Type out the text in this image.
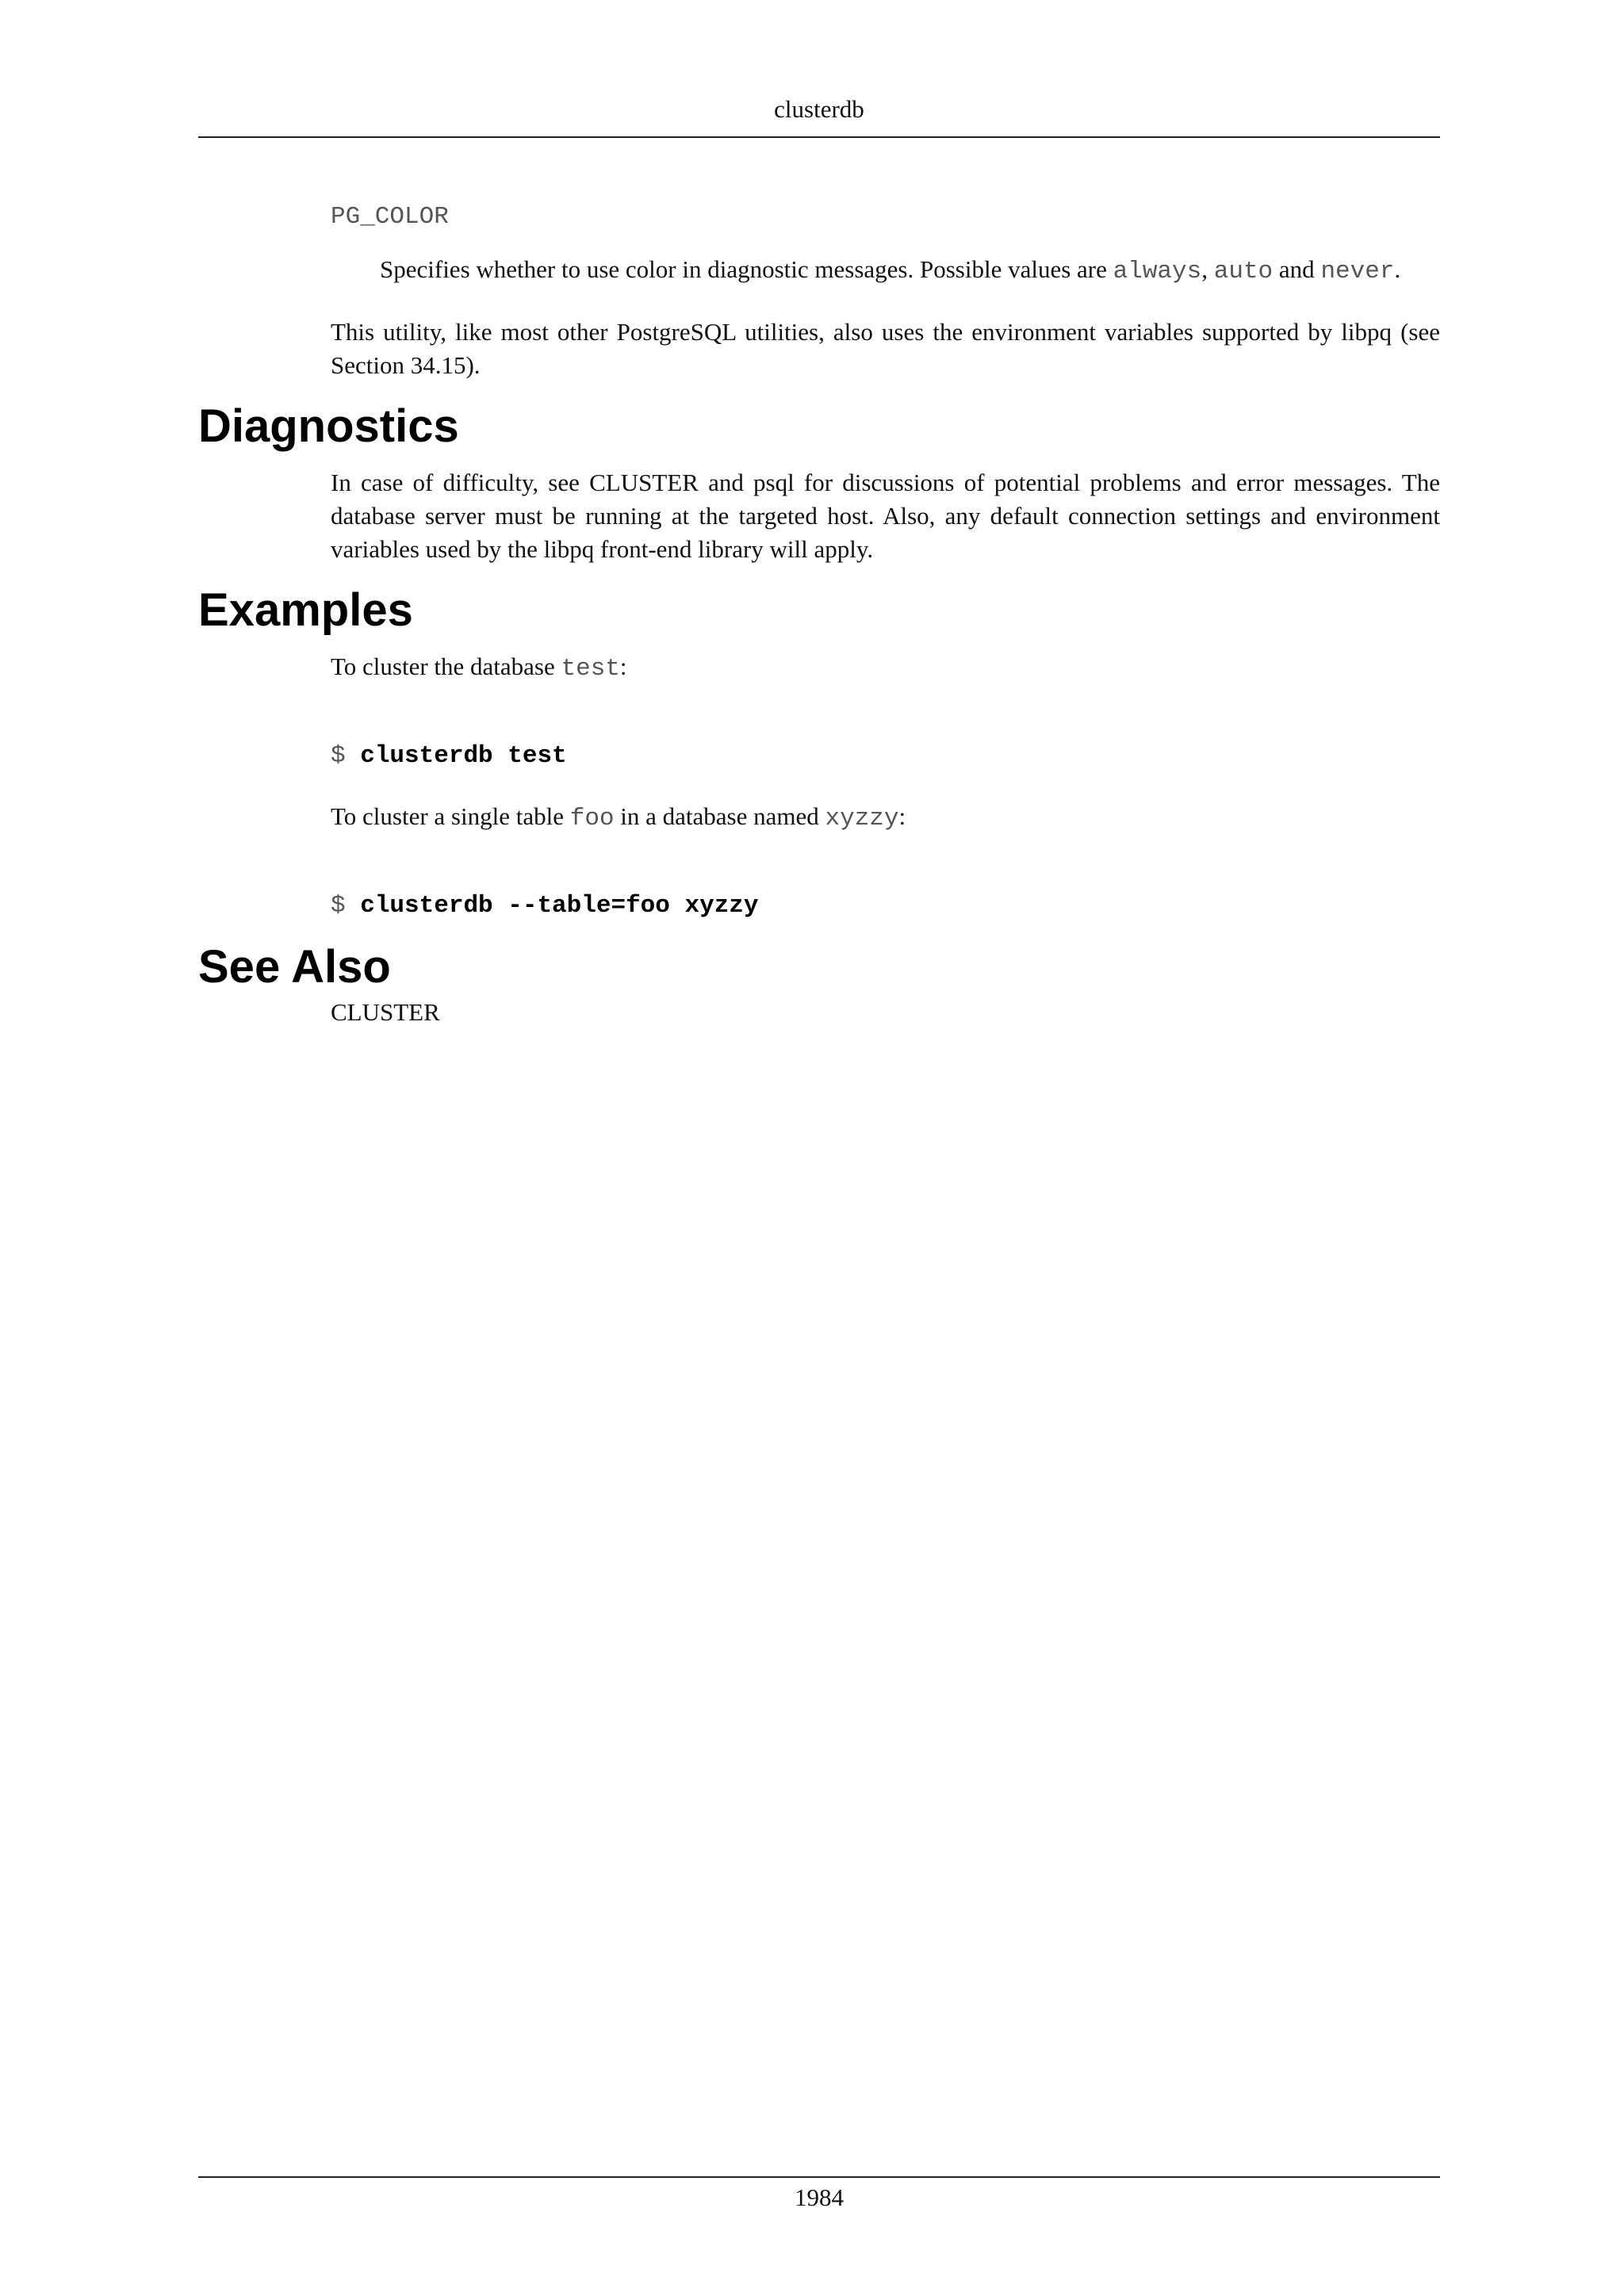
clusterdb
PG_COLOR
Specifies whether to use color in diagnostic messages. Possible values are always, auto and never.
This utility, like most other PostgreSQL utilities, also uses the environment variables supported by libpq (see Section 34.15).
Diagnostics
In case of difficulty, see CLUSTER and psql for discussions of potential problems and error messages. The database server must be running at the targeted host. Also, any default connection settings and environment variables used by the libpq front-end library will apply.
Examples
To cluster the database test:
$ clusterdb test
To cluster a single table foo in a database named xyzzy:
$ clusterdb --table=foo xyzzy
See Also
CLUSTER
1984
